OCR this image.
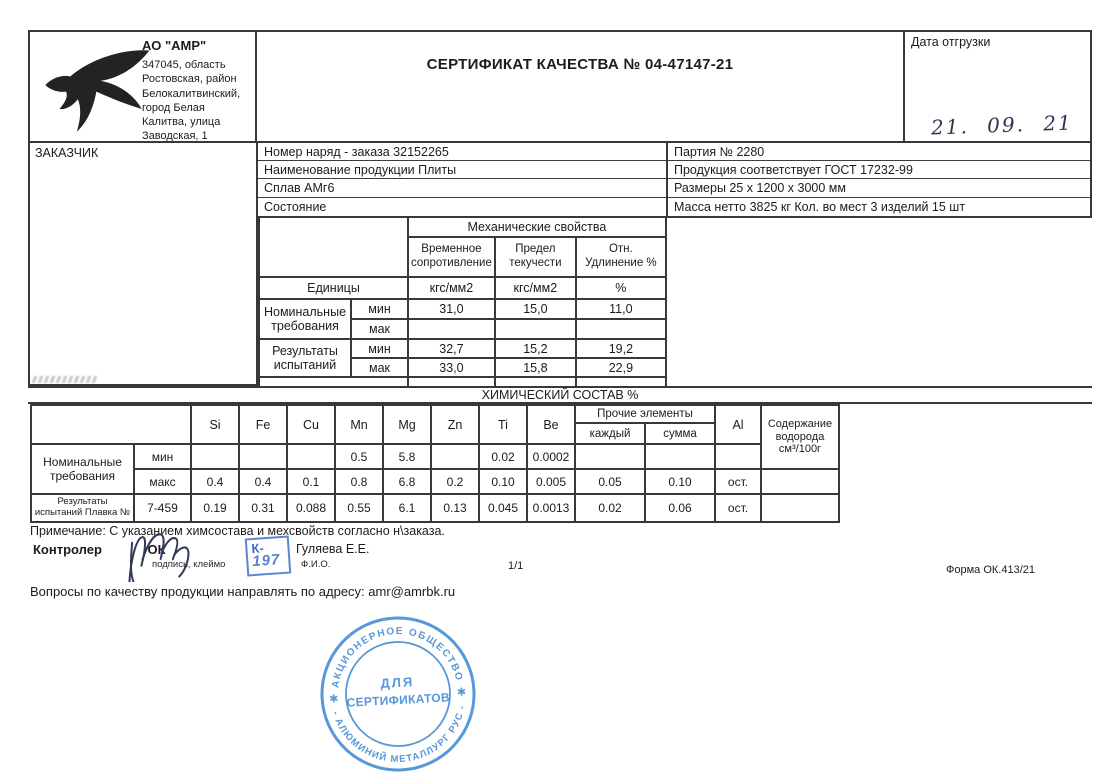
АО "АМР"
347045, область
Ростовская, район
Белокалитвинский,
город Белая
Калитва, улица
Заводская, 1
СЕРТИФИКАТ КАЧЕСТВА № 04-47147-21
Дата отгрузки
21. 09. 21
ЗАКАЗЧИК	Номер наряд - заказа 32152265
Наименование продукции Плиты
Сплав АМг6
Состояние
Партия № 2280
Продукция соответствует ГОСТ 17232-99
Размеры 25 х 1200 х 3000 мм
Масса нетто 3825 кг Кол. во мест 3 изделий 15 шт
		Механические свойства		
		Временное сопротивление	Предел текучести	Отн. Удлинение %
Единицы		кгс/мм2	кгс/мм2	%
Номинальные требования	мин	31,0	15,0	11,0
	мак			
Результаты испытаний	мин	32,7	15,2	19,2
	мак	33,0	15,8	22,9

ХИМИЧЕСКИЙ СОСТАВ %
		Si	Fe	Cu	Mn	Mg	Zn	Ti	Be	Прочие элементы		Al	Содержание водорода см³/100г
										каждый	сумма		
Номинальные требования	мин				0.5	5.8		0.02	0.0002				
	макс	0.4	0.4	0.1	0.8	6.8	0.2	0.10	0.005	0.05	0.10	ост.	
Результаты испытаний Плавка №	7-459	0.19	0.31	0.088	0.55	6.1	0.13	0.045	0.0013	0.02	0.06	ост.	
Примечание: С указанием химсостава и мехсвойств согласно н\заказа.
Контролер	ОК
подпись, клеймо
К-
197
Гуляева Е.Е.
Ф.И.О.	1/1	Форма ОК.413/21
Вопросы по качеству продукции направлять по адресу: amr@amrbk.ru
АКЦИОНЕРНОЕ ОБЩЕСТВО
- АЛЮМИНИЙ МЕТАЛЛУРГ РУС -
ДЛЯ
СЕРТИФИКАТОВ
✱
✱
